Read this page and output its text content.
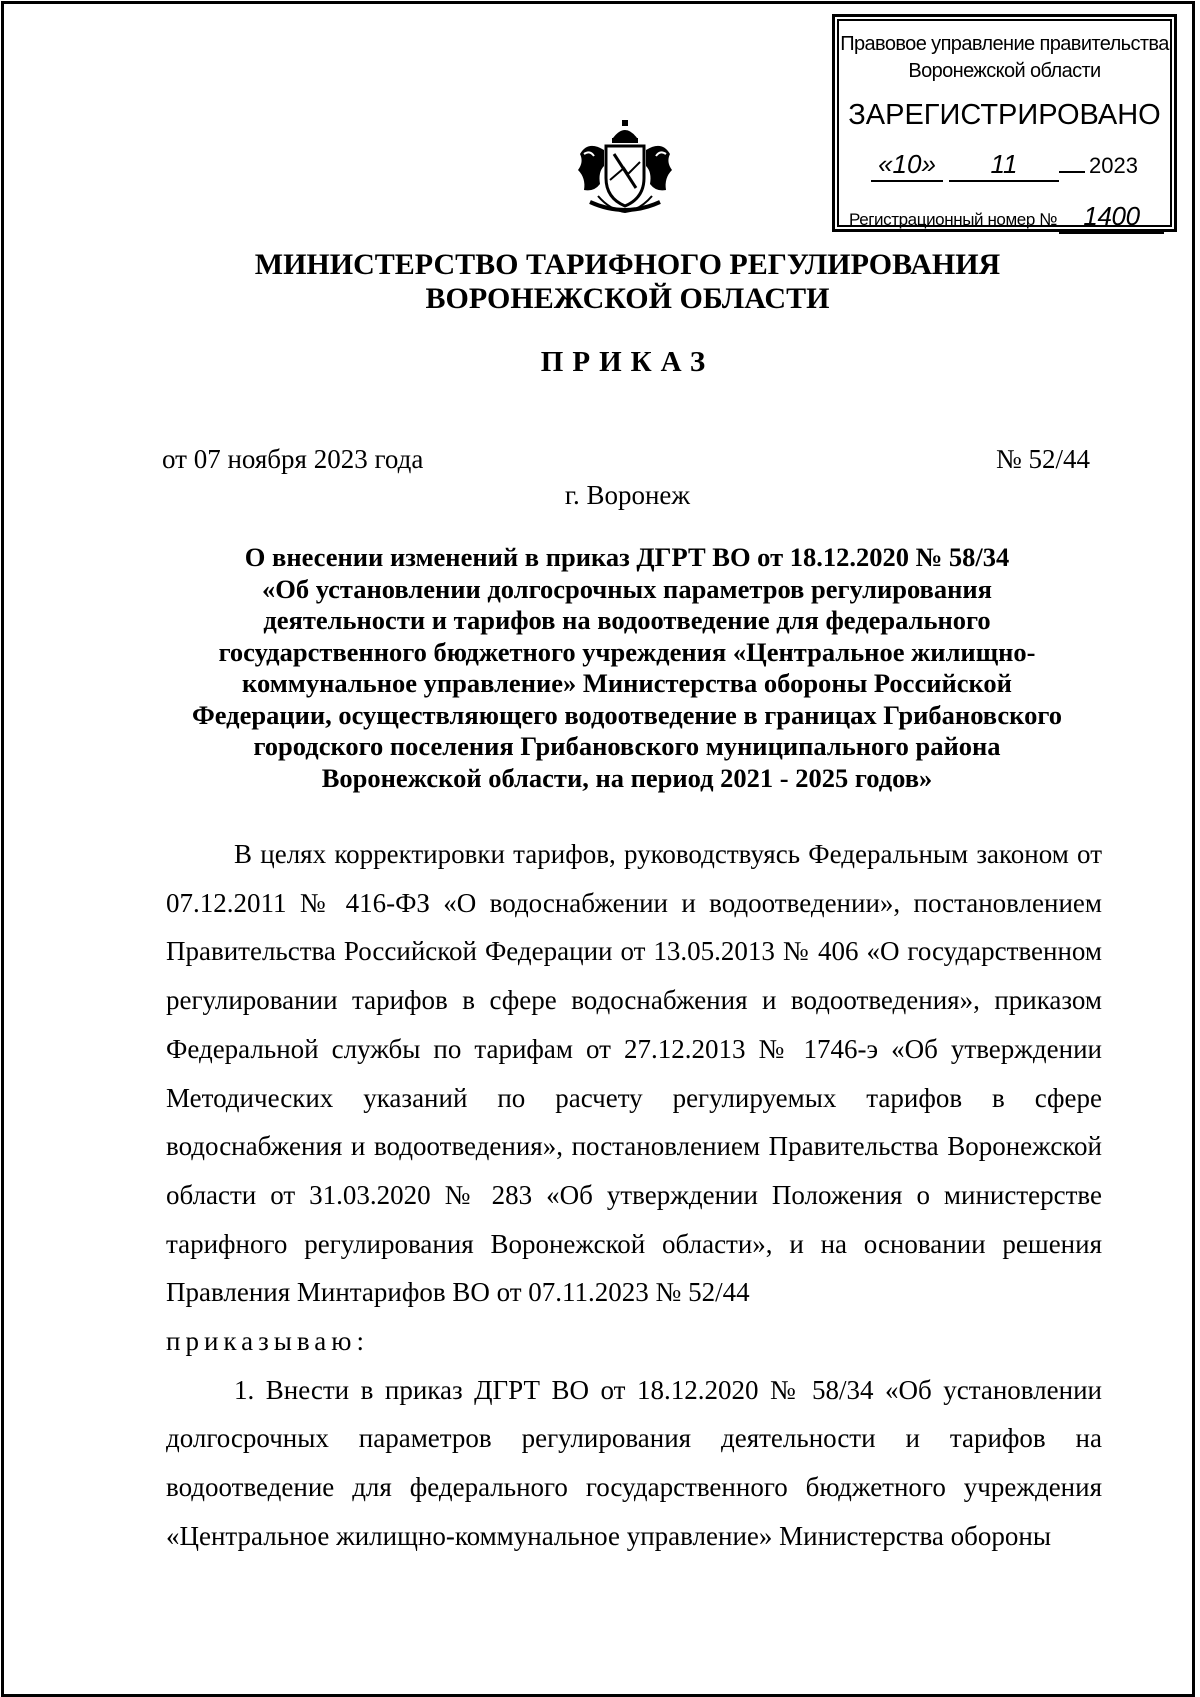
Правовое управление правительства
Воронежской области
ЗАРЕГИСТРИРОВАНО
«10»	11	2023
Регистрационный номер №	1400
МИНИСТЕРСТВО ТАРИФНОГО РЕГУЛИРОВАНИЯ
ВОРОНЕЖСКОЙ ОБЛАСТИ
ПРИКАЗ
от 07 ноября 2023 года	№ 52/44
г. Воронеж
О внесении изменений в приказ ДГРТ ВО от 18.12.2020 № 58/34
«Об установлении долгосрочных параметров регулирования
деятельности и тарифов на водоотведение для федерального
государственного бюджетного учреждения «Центральное жилищно-
коммунальное управление» Министерства обороны Российской
Федерации, осуществляющего водоотведение в границах Грибановского
городского поселения Грибановского муниципального района
Воронежской области, на период 2021 - 2025 годов»

В целях корректировки тарифов, руководствуясь Федеральным законом от 07.12.2011 № 416-ФЗ «О водоснабжении и водоотведении», постановлением Правительства Российской Федерации от 13.05.2013 № 406 «О государственном регулировании тарифов в сфере водоснабжения и водоотведения», приказом Федеральной службы по тарифам от 27.12.2013 № 1746-э «Об утверждении Методических указаний по расчету регулируемых тарифов в сфере водоснабжения и водоотведения», постановлением Правительства Воронежской области от 31.03.2020 № 283 «Об утверждении Положения о министерстве тарифного регулирования Воронежской области», и на основании решения Правления Минтарифов ВО от 07.11.2023 № 52/44

приказываю:

1. Внести в приказ ДГРТ ВО от 18.12.2020 № 58/34 «Об установлении долгосрочных параметров регулирования деятельности и тарифов на водоотведение для федерального государственного бюджетного учреждения «Центральное жилищно-коммунальное управление» Министерства обороны
